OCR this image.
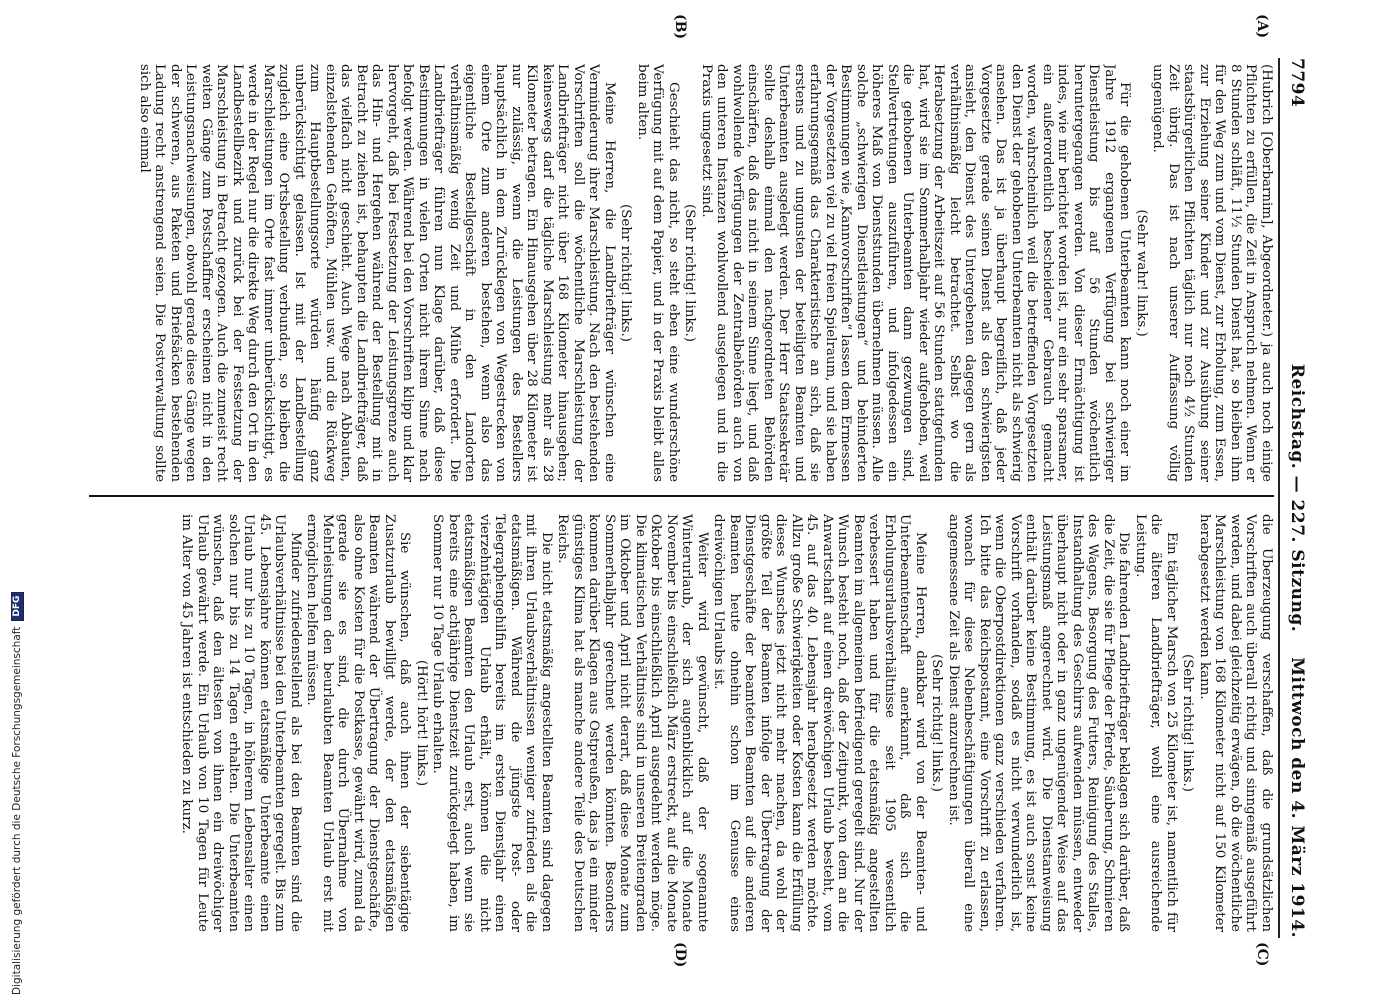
7794
Reichstag. — 227. Sitzung.
Mittwoch den 4. März 1914.
(A)
(B)
(C)
(D)

(Hubrich [Oberbarnim], Abgeordneter.) ja auch noch einige Pflichten zu erfüllen, die Zeit in Anspruch nehmen. Wenn er 8 Stunden schläft, 11½ Stunden Dienst hat, so bleiben ihm für den Weg zum und vom Dienst, zur Erholung, zum Essen, zur Erziehung seiner Kinder und zur Ausübung seiner staatsbürgerlichen Pflichten täglich nur noch 4½ Stunden Zeit übrig. Das ist nach unserer Auffassung völlig ungenügend.

(Sehr wahr! links.)

Für die gehobenen Unterbeamten kann noch einer im Jahre 1912 ergangenen Verfügung bei schwieriger Dienstleistung bis auf 56 Stunden wöchentlich heruntergegangen werden. Von dieser Ermächtigung ist indes, wie mir berichtet worden ist, nur ein sehr sparsamer, ein außerordentlich bescheidener Gebrauch gemacht worden, wahrscheinlich weil die betreffenden Vorgesetzten den Dienst der gehobenen Unterbeamten nicht als schwierig ansehen. Das ist ja überhaupt begreiflich, daß jeder Vorgesetzte gerade seinen Dienst als den schwierigsten ansieht, den Dienst des Untergebenen dagegen gern als verhältnismäßig leicht betrachtet. Selbst wo die Herabsetzung der Arbeitszeit auf 56 Stunden stattgefunden hat, wird sie im Sommerhalbjahr wieder aufgehoben, weil die gehobenen Unterbeamten dann gezwungen sind, Stellvertretungen auszuführen, und infolgedessen ein höheres Maß von Dienststunden übernehmen müssen. Alle solche „schwierigen Dienstleistungen“ und behinderten Bestimmungen wie „Kannvorschriften“ lassen dem Ermessen der Vorgesetzten viel zu viel freien Spielraum, und sie haben erfahrungsgemäß das Charakteristische an sich, daß sie erstens und zu ungunsten der beteiligten Beamten und Unterbeamten ausgelegt werden. Der Herr Staatssekretär sollte deshalb einmal den nachgeordneten Behörden einschärfen, daß das nicht in seinem Sinne liegt, und daß wohlwollende Verfügungen der Zentralbehörden auch von den unteren Instanzen wohlwollend ausgelegen und in die Praxis umgesetzt sind.

(Sehr richtig! links.)

Geschieht das nicht, so steht eben eine wunderschöne Verfügung mit auf dem Papier, und in der Praxis bleibt alles beim alten.

(Sehr richtig! links.)

Meine Herren, die Landbriefträger wünschen eine Verminderung ihrer Marschleistung. Nach den bestehenden Vorschriften soll die wöchentliche Marschleistung der Landbriefträger nicht über 168 Kilometer hinausgehen; keineswegs darf die tägliche Marschleistung mehr als 28 Kilometer betragen. Ein Hinausgehen über 28 Kilometer ist nur zulässig, wenn die Leistungen des Bestellers hauptsächlich in dem Zurücklegen von Wegestrecken von einem Orte zum anderen bestehen, wenn also das eigentliche Bestellgeschäft in den Landorten verhältnismäßig wenig Zeit und Mühe erfordert. Die Landbriefträger führen nun Klage darüber, daß diese Bestimmungen in vielen Orten nicht ihrem Sinne nach befolgt werden. Während bei den Vorschriften klipp und klar hervorgeht, daß bei Festsetzung der Leistungsgrenze auch das Hin- und Hergehen während der Bestellung mit in Betracht zu ziehen ist, behaupten die Landbriefträger, daß das vielfach nicht geschieht. Auch Wege nach Abbauten, einzelstehenden Gehöften, Mühlen usw. und die Rückweg zum Hauptbestellungsorte würden häufig ganz unberücksichtigt gelassen. Ist mit der Landbestellung zugleich eine Ortsbestellung verbunden, so bleiben die Marschleistungen im Orte fast immer unberücksichtigt, es werde in der Regel nur die direkte Weg durch den Ort in den Landbestellbezirk und zurück bei der Festsetzung der Marschleistung in Betracht gezogen. Auch die zumeist recht weiten Gänge zum Postschaffner erscheinen nicht in den Leistungsnachweisungen, obwohl gerade diese Gänge wegen der schweren, aus Paketen und Briefsäcken bestehenden Ladung recht anstrengend seien. Die Postverwaltung sollte sich also einmal

die Überzeugung verschaffen, daß die grundsätzlichen Vorschriften auch überall richtig und sinngemäß ausgeführt werden, und dabei gleichzeitig erwägen, ob die wöchentliche Marschleistung von 168 Kilometer nicht auf 150 Kilometer herabgesetzt werden kann.

(Sehr richtig! links.)

Ein täglicher Marsch von 25 Kilometer ist, namentlich für die älteren Landbriefträger, wohl eine ausreichende Leistung.

Die fahrenden Landbriefträger beklagen sich darüber, daß die Zeit, die sie für Pflege der Pferde, Säuberung, Schmieren des Wagens, Besorgung des Futters, Reinigung des Stalles, Instandhaltung des Geschirrs aufwenden müssen, entweder überhaupt nicht oder in ganz ungenügender Weise auf das Leistungsmaß angerechnet wird. Die Dienstanweisung enthält darüber keine Bestimmung, es ist auch sonst keine Vorschrift vorhanden, sodaß es nicht verwunderlich ist, wenn die Oberpostdirektionen ganz verschieden verfahren. Ich bitte das Reichspostamt, eine Vorschrift zu erlassen, wonach für diese Nebenbeschäftigungen überall eine angemessene Zeit als Dienst anzurechnen ist.

(Sehr richtig! links.)

Meine Herren, dankbar wird von der Beamten- und Unterbeamtenschaft anerkannt, daß sich die Erholungsurlaubsverhältnisse seit 1905 wesentlich verbessert haben und für die etatsmäßig angestellten Beamten im allgemeinen befriedigend geregelt sind. Nur der Wunsch besteht noch, daß der Zeitpunkt, von dem an die Anwartschaft auf einen dreiwöchigen Urlaub besteht, vom 45. auf das 40. Lebensjahr herabgesetzt werden möchte. Allzu große Schwierigkeiten oder Kosten kann die Erfüllung dieses Wunsches jetzt nicht mehr machen, da wohl der größte Teil der Beamten infolge der Übertragung der Dienstgeschäfte der beamteten Beamten auf die anderen Beamten heute ohnehin schon im Genusse eines dreiwöchigen Urlaubs ist.

Weiter wird gewünscht, daß der sogenannte Winterurlaub, der sich augenblicklich auf die Monate November bis einschließlich März erstreckt, auf die Monate Oktober bis einschließlich April ausgedehnt werden möge. Die klimatischen Verhältnisse sind in unseren Breitengraden im Oktober und April nicht derart, daß diese Monate zum Sommerhalbjahr gerechnet werden könnten. Besonders kommen darüber Klagen aus Ostpreußen, das ja ein minder günstiges Klima hat als manche andere Teile des Deutschen Reichs.

Die nicht etatsmäßig angestellten Beamten sind dagegen mit ihren Urlaubsverhältnissen weniger zufrieden als die etatsmäßigen. Während die jüngste Post- oder Telegraphengehilfin bereits im ersten Dienstjahr einen vierzehntägigen Urlaub erhält, können die nicht etatsmäßigen Beamten den Urlaub erst, auch wenn sie bereits eine achtjährige Dienstzeit zurückgelegt haben, im Sommer nur 10 Tage Urlaub erhalten.

(Hört! hört! links.)

Sie wünschen, daß auch ihnen der siebentägige Zusatzurlaub bewilligt werde, der den etatsmäßigen Beamten während der Übertragung der Dienstgeschäfte, also ohne Kosten für die Postkasse, gewährt wird, zumal da gerade sie es sind, die durch Übernahme von Mehrleistungen den beurlaubten Beamten Urlaub erst mit ermöglichen helfen müssen.

Minder zufriedenstellend als bei den Beamten sind die Urlaubsverhältnisse bei den Unterbeamten geregelt. Bis zum 45. Lebensjahre können etatsmäßige Unterbeamte einen Urlaub nur bis zu 10 Tagen, in höherem Lebensalter einen solchen nur bis zu 14 Tagen erhalten. Die Unterbeamten wünschen, daß den ältesten von ihnen ein dreiwöchiger Urlaub gewährt werde. Ein Urlaub von 10 Tagen für Leute im Alter von 45 Jahren ist entschieden zu kurz.

Digitalisierung gefördert durch die Deutsche ForschungsgemeinschaftDFG
